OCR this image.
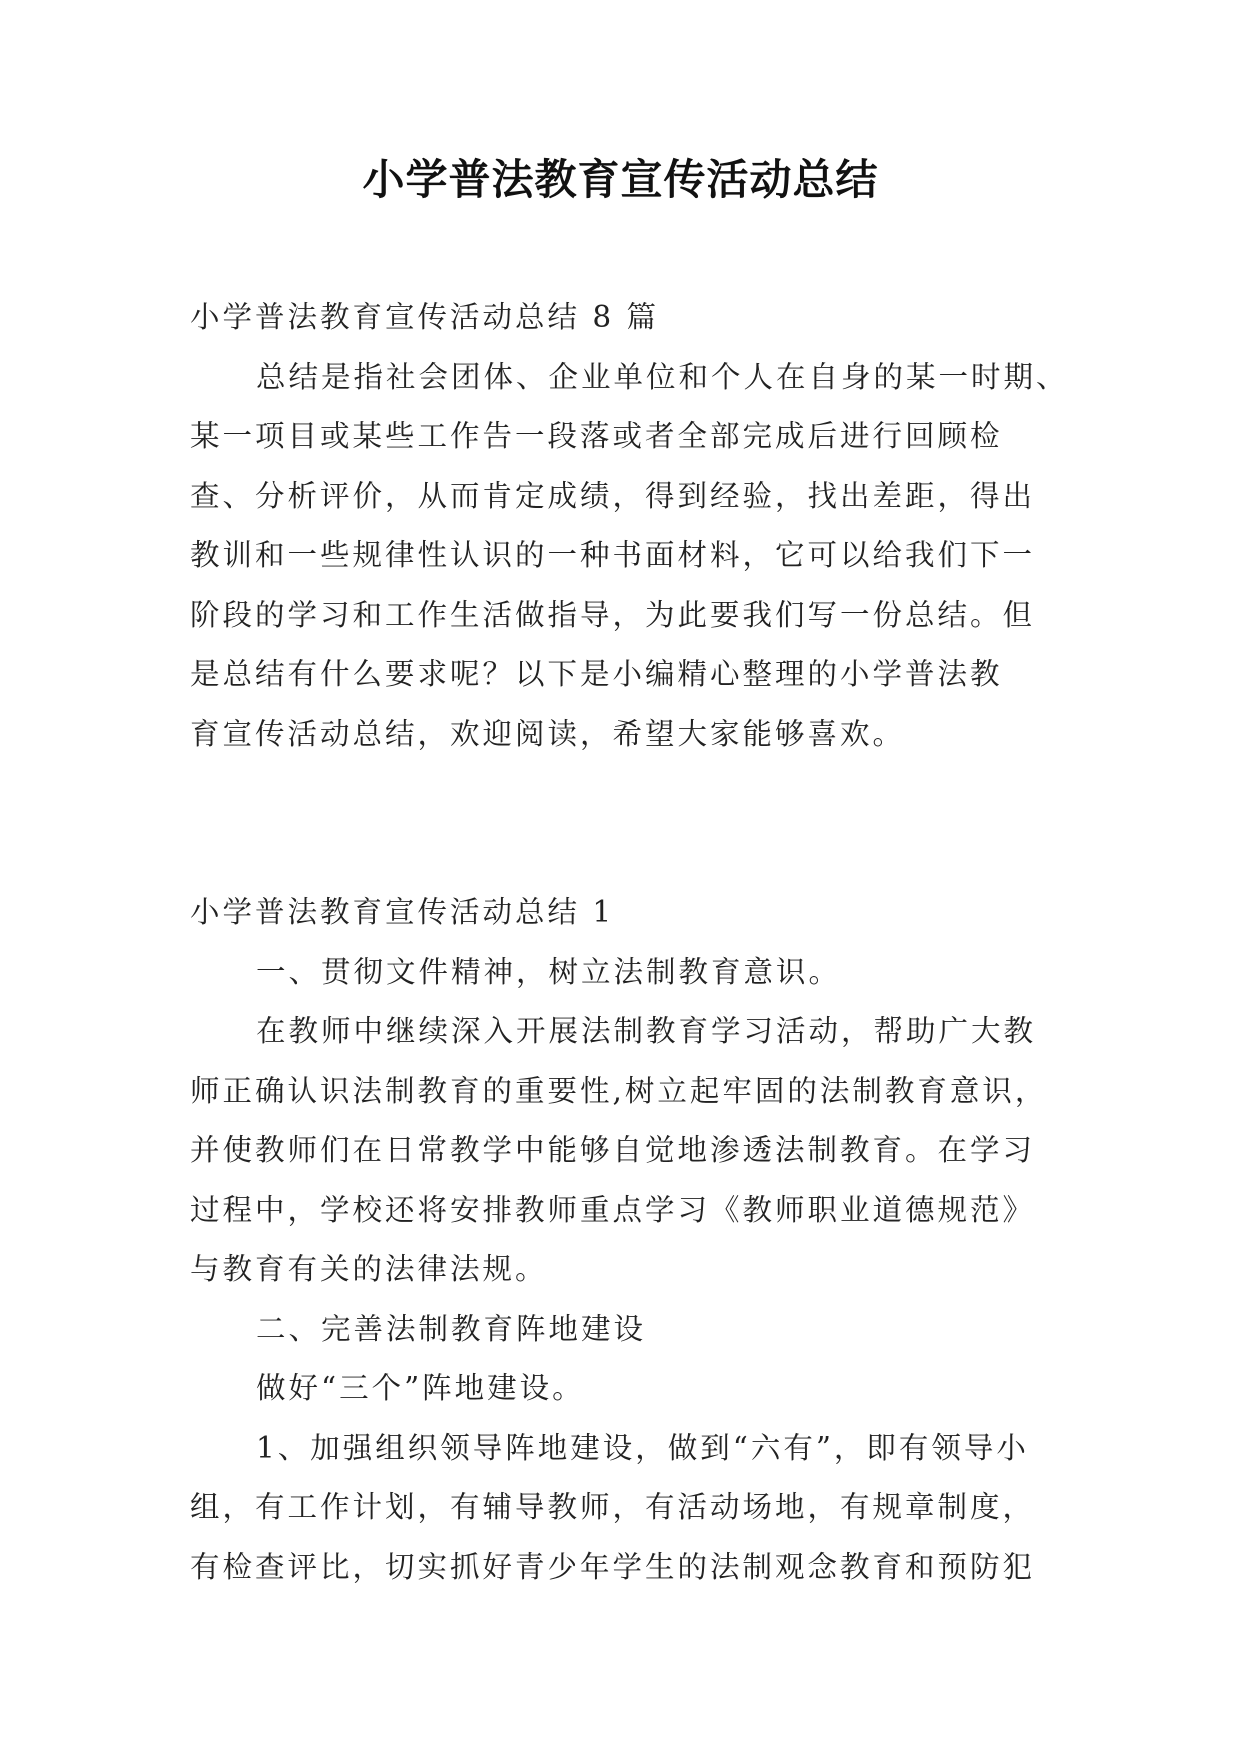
小学普法教育宣传活动总结

小学普法教育宣传活动总结 8 篇

总结是指社会团体、企业单位和个人在自身的某一时期、

某一项目或某些工作告一段落或者全部完成后进行回顾检

查、分析评价，从而肯定成绩，得到经验，找出差距，得出

教训和一些规律性认识的一种书面材料，它可以给我们下一

阶段的学习和工作生活做指导，为此要我们写一份总结。但

是总结有什么要求呢？以下是小编精心整理的小学普法教

育宣传活动总结，欢迎阅读，希望大家能够喜欢。

小学普法教育宣传活动总结 1

一、贯彻文件精神，树立法制教育意识。

在教师中继续深入开展法制教育学习活动，帮助广大教

师正确认识法制教育的重要性,树立起牢固的法制教育意识，

并使教师们在日常教学中能够自觉地渗透法制教育。在学习

过程中，学校还将安排教师重点学习《教师职业道德规范》

与教育有关的法律法规。

二、完善法制教育阵地建设

做好“三个”阵地建设。

1、加强组织领导阵地建设，做到“六有”，即有领导小

组，有工作计划，有辅导教师，有活动场地，有规章制度，

有检查评比，切实抓好青少年学生的法制观念教育和预防犯
